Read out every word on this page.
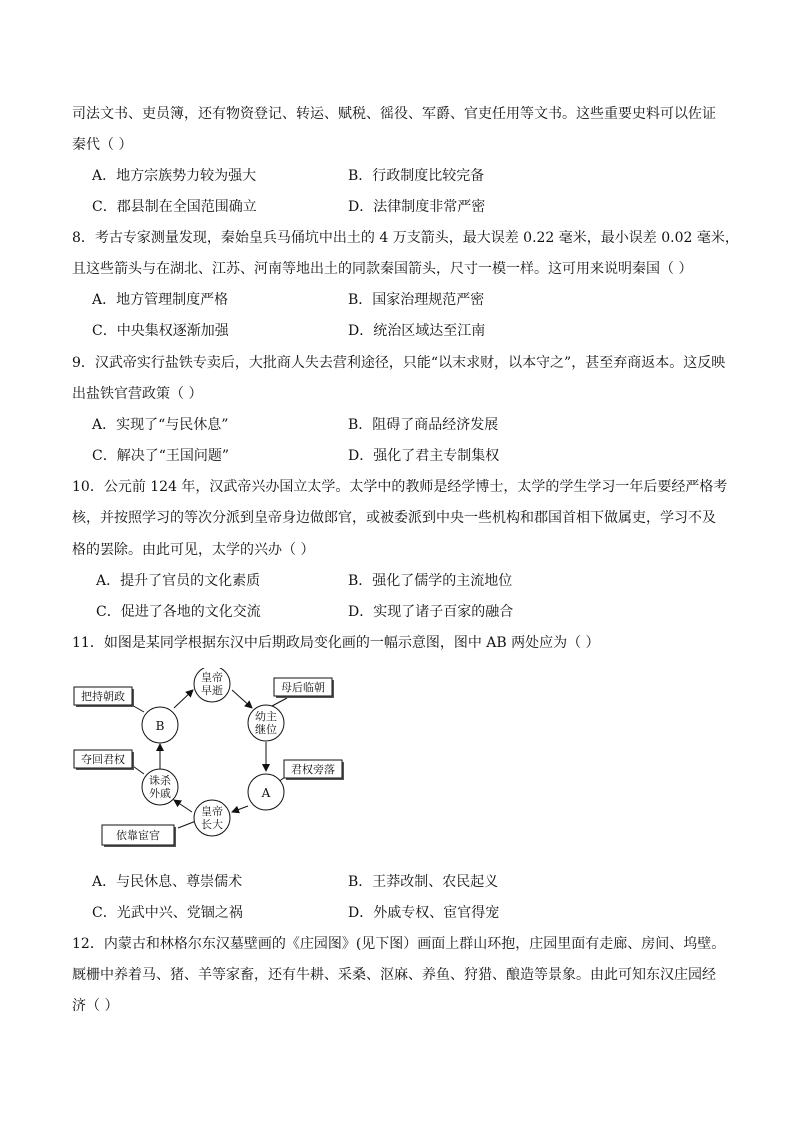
司法文书、吏员簿，还有物资登记、转运、赋税、徭役、军爵、官吏任用等文书。这些重要史料可以佐证
秦代（ ）
A．地方宗族势力较为强大	B．行政制度比较完备
C．郡县制在全国范围确立	D．法律制度非常严密
8．考古专家测量发现，秦始皇兵马俑坑中出土的 4 万支箭头，最大误差 0.22 毫米，最小误差 0.02 毫米，
且这些箭头与在湖北、江苏、河南等地出土的同款秦国箭头，尺寸一模一样。这可用来说明秦国（ ）
A．地方管理制度严格	B．国家治理规范严密
C．中央集权逐渐加强	D．统治区域达至江南
9．汉武帝实行盐铁专卖后，大批商人失去营利途径，只能“以末求财，以本守之”，甚至弃商返本。这反映
出盐铁官营政策（ ）
A．实现了“与民休息”	B．阻碍了商品经济发展
C．解决了“王国问题”	D．强化了君主专制集权
10．公元前 124 年，汉武帝兴办国立太学。太学中的教师是经学博士，太学的学生学习一年后要经严格考
核，并按照学习的等次分派到皇帝身边做郎官，或被委派到中央一些机构和郡国首相下做属吏，学习不及
格的罢除。由此可见，太学的兴办（ ）
A．提升了官员的文化素质	B．强化了儒学的主流地位
C．促进了各地的文化交流	D．实现了诸子百家的融合
11．如图是某同学根据东汉中后期政局变化画的一幅示意图，图中 AB 两处应为（ ）
皇帝
早逝
幼主
继位
A
皇帝
长大
诛杀
外戚
B
把持朝政
母后临朝
君权旁落
夺回君权
依靠宦官
A．与民休息、尊崇儒术	B．王莽改制、农民起义
C．光武中兴、党锢之祸	D．外戚专权、宦官得宠
12．内蒙古和林格尔东汉墓壁画的《庄园图》(见下图）画面上群山环抱，庄园里面有走廊、房间、坞壁。
厩栅中养着马、猪、羊等家畜，还有牛耕、采桑、沤麻、养鱼、狩猎、酿造等景象。由此可知东汉庄园经
济（ ）
